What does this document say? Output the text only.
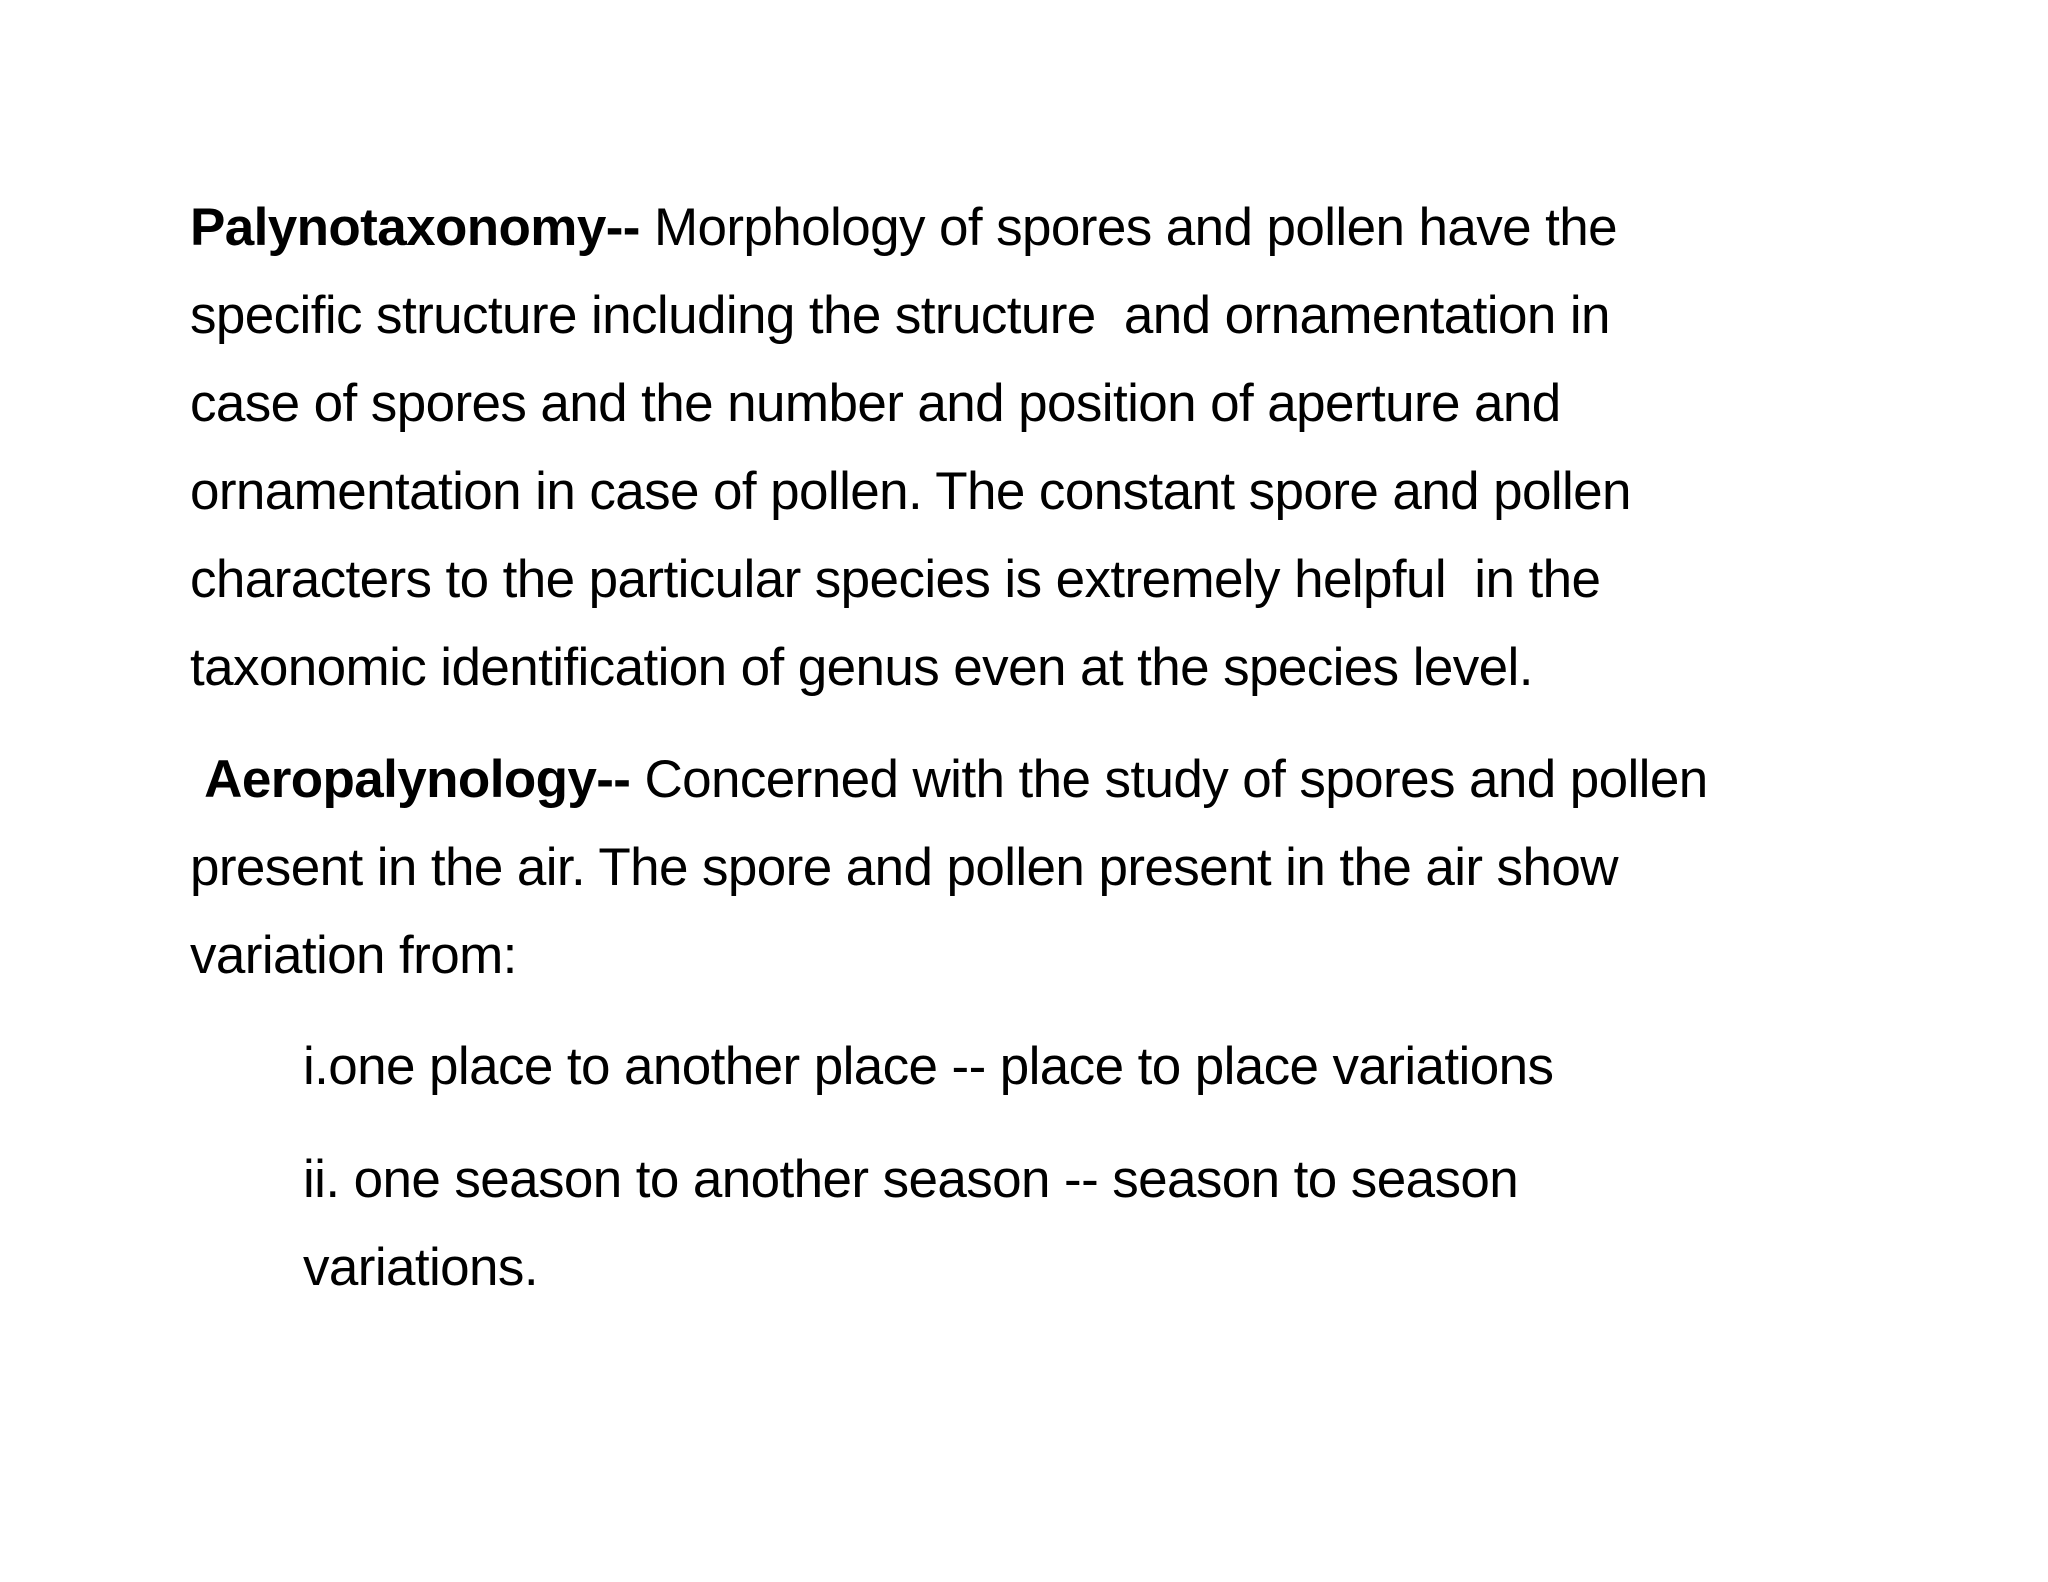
Palynotaxonomy-- Morphology of spores and pollen have the
specific structure including the structure  and ornamentation in
case of spores and the number and position of aperture and
ornamentation in case of pollen. The constant spore and pollen
characters to the particular species is extremely helpful  in the
taxonomic identification of genus even at the species level.
Aeropalynology-- Concerned with the study of spores and pollen
present in the air. The spore and pollen present in the air show
variation from:
i.one place to another place -- place to place variations
ii. one season to another season -- season to season
variations.
